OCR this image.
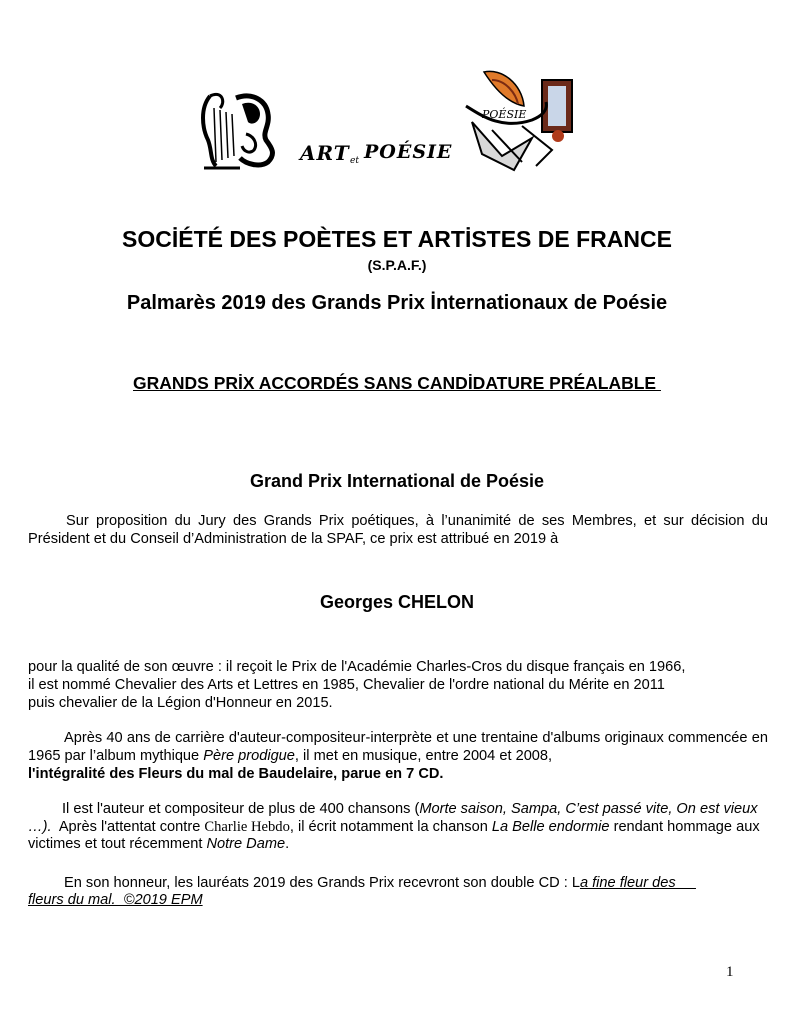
ART et POÉSIE
POÉSIE
SOCİÉTÉ DES POÈTES ET ARTİSTES DE FRANCE
(S.P.A.F.)
Palmarès 2019 des Grands Prix İnternationaux de Poésie
GRANDS PRİX ACCORDÉS SANS CANDİDATURE PRÉALABLE
Grand Prix International de Poésie
Sur proposition du Jury des Grands Prix poétiques, à l’unanimité de ses Membres, et sur décision du Président et du Conseil d’Administration de la SPAF, ce prix est attribué en 2019 à
Georges CHELON
pour la qualité de son œuvre : il reçoit le Prix de l'Académie Charles-Cros du disque français en 1966,
il est nommé Chevalier des Arts et Lettres en 1985, Chevalier de l'ordre national du Mérite en 2011
puis chevalier de la Légion d'Honneur en 2015.
Après 40 ans de carrière d'auteur-compositeur-interprète et une trentaine d'albums originaux commencée en 1965 par l’album mythique Père prodigue, il met en musique, entre 2004 et 2008,
l'intégralité des Fleurs du mal de Baudelaire, parue en 7 CD.
Il est l'auteur et compositeur de plus de 400 chansons (Morte saison, Sampa, C’est passé vite, On est vieux …).  Après l'attentat contre Charlie Hebdo, il écrit notamment la chanson La Belle endormie rendant hommage aux victimes et tout récemment Notre Dame.
En son honneur, les lauréats 2019 des Grands Prix recevront son double CD : La fine fleur des
fleurs du mal.  ©2019 EPM
1
